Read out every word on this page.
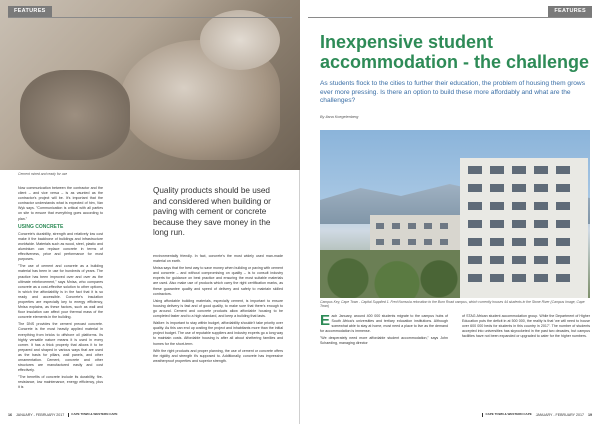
FEATURES
Cement mixed and ready for use

Now communication between the contractor and the client – and vice versa – is as vaunted as the contractor's project will be. It's important that the contractor understands what is expected of him, Van Wyk says. "Communication is critical with all parties on site to ensure that everything goes according to plan."

USING CONCRETE

Concrete's durability, strength and relatively low cost make it the backbone of buildings and infrastructure worldwide. Materials such as wood, steel, plastic and aluminium can replace concrete in terms of effectiveness, price and performance for most purposes.

"The use of cement and concrete as a building material has been in use for hundreds of years. The practice has been improved over and over as the ultimate reinforcement," says Mnisa, who compares concrete as a cost-effective solution to other options, in which the affordability is in the fact that it is so ready and accessible. Concrete's insulation properties are especially key to energy efficiency, Mnisa explains, as these factors, such as wall and floor insulation can affect your thermal mass of the concrete elements in the building.

The DNS provides the cement precast concrete. Concrete is the most heavily applied material in everything from bricks to offshore oil platforms. Its highly versatile nature means it is used in every corner. It has a thick property that allows it to be prepared and shaped in various ways that are used as the basis for pillars, wall panels, and other ornamentation. Cement, concrete and other structures are manufactured easily and cost effectively.

"The benefits of concrete include its durability, fire-resistance, low maintenance, energy efficiency, plus it is

Quality products should be used and considered when building or paving with cement or concrete because they save money in the long run.

environmentally friendly. In fact, concrete's the most widely used man-made material on earth.

Mnisa says that the best way to save money when building or paving with cement and concrete – and without compromising on quality – is to consult industry experts for guidance on best practice and ensuring the most suitable materials are used. Also make use of products which carry the right certification marks, as these guarantee quality and speed of delivery and safety to maintain skilled contractors.

Using affordable building materials, especially cement, is important to ensure housing delivery is fast and of good quality, to make sure that there's enough to go around. Cement and concrete products allow affordable housing to be completed faster and to a high standard, and keep a building that lasts.

Walker: Is important to stay within budget, affordability shouldn't take priority over quality. As this can end up costing the project and inhabitants more than the initial project budget. The use of reputable suppliers and industry experts go a long way to maintain costs. Affordable housing is after all about sheltering families and homes for the short-term.

With the right products and proper planning, the use of cement or concrete offers the rigidity and strength it's supposed to. Additionally, concrete has impressive weatherproof properties and superior strength.

16 JANUARY - FEBRUARY 2017	CAPE TOWN & WESTERN CAPE
FEATURES
CAPE TOWN & WESTERN CAPE JANUARY - FEBRUARY 2017 19
Inexpensive student
accommodation - the challenge
As students flock to the cities to further their education, the problem of housing them grows ever more pressing. Is there an option to build these more affordably and what are the challenges?
By Ilana Koegelenberg
Campus Key, Cape Town - Capital Supplied 1. Fred Nomvula relocation to the Burn Road campus, which currently houses 44 students in the Stone River (Campus Image, Cape Town)
E ach January, around 400 000 students migrate to the campus hubs of South Africa's universities and tertiary education institutions. Although somewhat able to stay at home, most need a place to live as the demand for accommodation is immense.

"We desperately need more affordable student accommodation," says John Schaeding, managing director

of STAG African student accommodation group. While the Department of Higher Education puts the deficit in at 500 000, the reality is that 'we will need to house over 600 000 beds for students in this country in 2017'. The number of students accepted into universities has skyrocketed in the past two decades, but campus facilities have not been expanded or upgraded to cater for the higher numbers.
